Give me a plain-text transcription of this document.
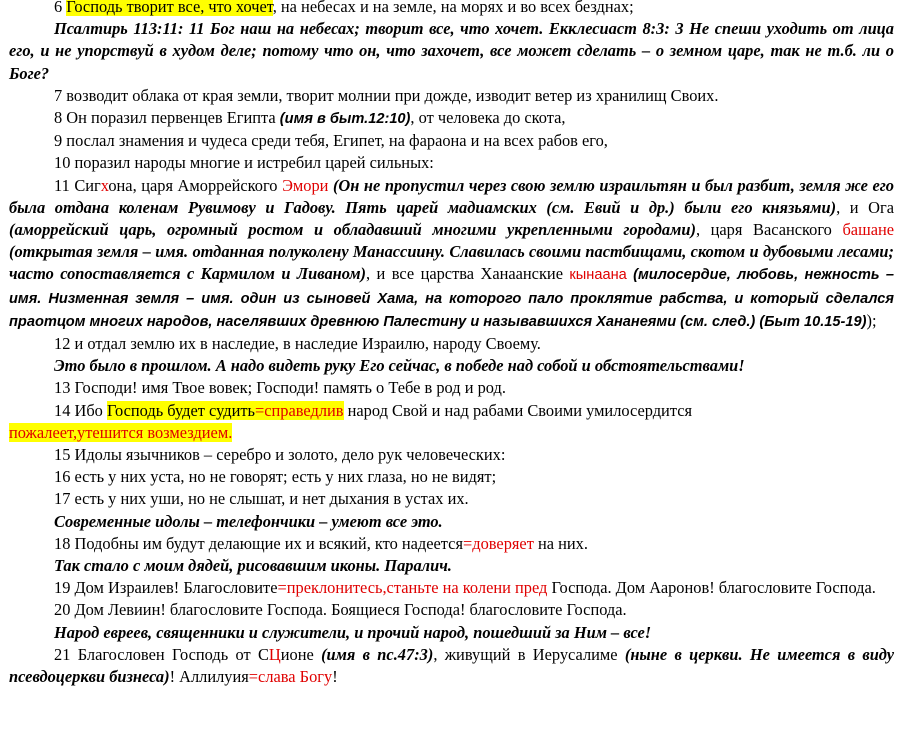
6 Господь творит все, что хочет, на небесах и на земле, на морях и во всех безднах;

Псалтирь 113:11: 11 Бог наш на небесах; творит все, что хочет. Екклесиаст 8:3: 3 Не спеши уходить от лица его, и не упорствуй в худом деле; потому что он, что захочет, все может сделать – о земном царе, так не т.б. ли о Боге?

7 возводит облака от края земли, творит молнии при дожде, изводит ветер из хранилищ Своих.

8 Он поразил первенцев Египта (имя в быт.12:10), от человека до скота,

9 послал знамения и чудеса среди тебя, Египет, на фараона и на всех рабов его,

10 поразил народы многие и истребил царей сильных:

11 Сигхона, царя Аморрейского Эмори (Он не пропустил через свою землю израильтян и был разбит, земля же его была отдана коленам Рувимову и Гадову. Пять царей мадиамских (см. Евий и др.) были его князьями), и Ога (аморрейский царь, огромный ростом и обладавший многими укрепленными городами), царя Васанского башане (открытая земля – имя. отданная полуколену Манассиину. Славилась своими пастбищами, скотом и дубовыми лесами; часто сопоставляется с Кармилом и Ливаном), и все царства Ханаанские кынаана (милосердие, любовь, нежность – имя. Низменная земля – имя. один из сыновей Хама, на которого пало проклятие рабства, и который сделался праотцом многих народов, населявших древнюю Палестину и называвшихся Хананеями (см. след.) (Быт 10.15-19));

12 и отдал землю их в наследие, в наследие Израилю, народу Своему.

Это было в прошлом. А надо видеть руку Его сейчас, в победе над собой и обстоятельствами!

13 Господи! имя Твое вовек; Господи! память о Тебе в род и род.

14 Ибо Господь будет судить=справедлив народ Свой и над рабами Своими умилосердится

пожалеет,утешится возмездием.

15 Идолы язычников – серебро и золото, дело рук человеческих:

16 есть у них уста, но не говорят; есть у них глаза, но не видят;

17 есть у них уши, но не слышат, и нет дыхания в устах их.

Современные идолы – телефончики – умеют все это.

18 Подобны им будут делающие их и всякий, кто надеется=доверяет на них.

Так стало с моим дядей, рисовавшим иконы. Паралич.

19 Дом Израилев! Благословите=преклонитесь,станьте на колени пред Господа. Дом Ааронов! благословите Господа.

20 Дом Левиин! благословите Господа. Боящиеся Господа! благословите Господа.

Народ евреев, священники и служители, и прочий народ, пошедший за Ним – все!

21 Благословен Господь от СЦионе (имя в пс.47:3), живущий в Иерусалиме (ныне в церкви. Не имеется в виду псевдоцеркви бизнеса)! Аллилуия=слава Богу!
